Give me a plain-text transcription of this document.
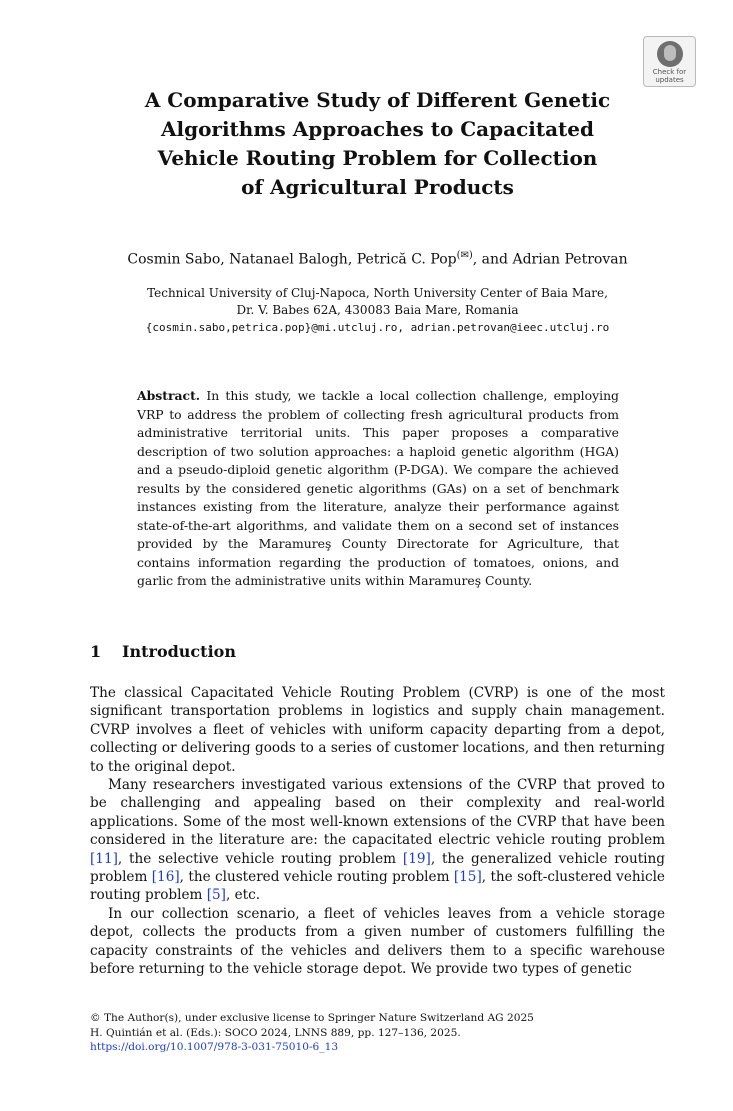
Check for
updates
A Comparative Study of Different Genetic
Algorithms Approaches to Capacitated
Vehicle Routing Problem for Collection
of Agricultural Products
Cosmin Sabo, Natanael Balogh, Petrică C. Pop(✉), and Adrian Petrovan
Technical University of Cluj-Napoca, North University Center of Baia Mare,
Dr. V. Babes 62A, 430083 Baia Mare, Romania
{cosmin.sabo,petrica.pop}@mi.utcluj.ro, adrian.petrovan@ieec.utcluj.ro
Abstract. In this study, we tackle a local collection challenge, employing VRP to address the problem of collecting fresh agricultural products from administrative territorial units. This paper proposes a comparative description of two solution approaches: a haploid genetic algorithm (HGA) and a pseudo-diploid genetic algorithm (P-DGA). We compare the achieved results by the considered genetic algorithms (GAs) on a set of benchmark instances existing from the literature, analyze their performance against state-of-the-art algorithms, and validate them on a second set of instances provided by the Maramureş County Directorate for Agriculture, that contains information regarding the production of tomatoes, onions, and garlic from the administrative units within Maramureş County.
1 Introduction

The classical Capacitated Vehicle Routing Problem (CVRP) is one of the most significant transportation problems in logistics and supply chain management. CVRP involves a fleet of vehicles with uniform capacity departing from a depot, collecting or delivering goods to a series of customer locations, and then returning to the original depot.

Many researchers investigated various extensions of the CVRP that proved to be challenging and appealing based on their complexity and real-world applications. Some of the most well-known extensions of the CVRP that have been considered in the literature are: the capacitated electric vehicle routing problem [11], the selective vehicle routing problem [19], the generalized vehicle routing problem [16], the clustered vehicle routing problem [15], the soft-clustered vehicle routing problem [5], etc.

In our collection scenario, a fleet of vehicles leaves from a vehicle storage depot, collects the products from a given number of customers fulfilling the capacity constraints of the vehicles and delivers them to a specific warehouse before returning to the vehicle storage depot. We provide two types of genetic

© The Author(s), under exclusive license to Springer Nature Switzerland AG 2025
H. Quintián et al. (Eds.): SOCO 2024, LNNS 889, pp. 127–136, 2025.
https://doi.org/10.1007/978-3-031-75010-6_13
